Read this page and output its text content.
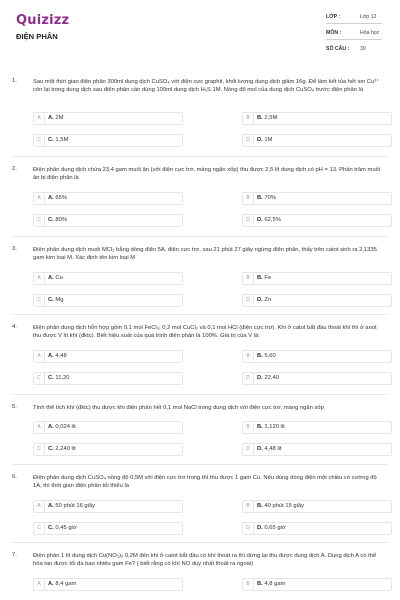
Quizizz
ĐIỆN PHÂN
LỚP :	Lớp 12
MÔN :	Hóa học
SỐ CÂU :	30
1.	Sau một thời gian điện phân 300ml dung dịch CuSO₄ với điện cực graphit, khối lượng dung dịch giảm 16g. Để làm kết tủa hết ion Cu²⁺ còn lại trong dung dịch sau điện phân cần dùng 100ml dung dịch H₂S 1M. Nồng độ mol của dung dịch CuSO₄ trước điện phân là
A	A. 2M	B	B. 2,5M
C	C. 1,5M	D	D. 1M
2.	Điện phân dung dịch chứa 23,4 gam muối ăn (với điện cực trơ, màng ngăn xốp) thu được 2,5 lít dung dịch có pH = 13. Phần trăm muối ăn bị điện phân là
A	A. 65%	B	B. 70%
C	C. 80%	D	D. 62,5%
3.	Điện phân dung dịch muối MCl₂ bằng dòng điện 5A, điện cực trơ, sau 21 phút 27 giây ngừng điện phân, thấy trên catot sinh ra 2,1335 gam kim loại M. Xác định tên kim loại M
A	A. Cu	B	B. Fe
C	C. Mg	D	D. Zn
4.	Điện phân dung dịch hỗn hợp gồm 0,1 mol FeCl₃; 0,2 mol CuCl₂ và 0,1 mol HCl (điện cực trơ). Khi ở catot bắt đầu thoát khí thì ở anot thu được V lít khí (đktc). Biết hiệu suất của quá trình điện phân là 100%. Giá trị của V là:
A	A. 4,48	B	B. 5,60
C	C. 11,20	D	D. 22,40
5.	Tính thể tích khí (đktc) thu được khi điện phân hết 0,1 mol NaCl trong dung dịch với điện cực trơ, màng ngăn xốp
A	A. 0,024 lit	B	B. 1,120 lit
C	C. 2,240 lit	D	D. 4,48 lit
6.	Điện phân dung dịch CuSO₄ nồng độ 0,5M với điện cực trơ trong thì thu được 1 gam Cu. Nếu dùng dòng điện một chiều có cường độ 1A, thì thời gian điện phân tối thiểu là
A	A. 50 phút 16 giây	B	B. 40 phút 15 giây
C	C. 0,45 giờ	D	D. 0,65 giờ
7.	Điện phân 1 lít dung dịch Cu(NO₃)₂ 0,2M đến khi ở catot bắt đầu có khí thoát ra thì dừng lại thu được dung dịch A. Dung dịch A có thể hòa tan được tối đa bao nhiêu gam Fe? ( biết rằng có khí NO duy nhất thoát ra ngoài)
A	A. 8,4 gam	B	B. 4,8 gam
